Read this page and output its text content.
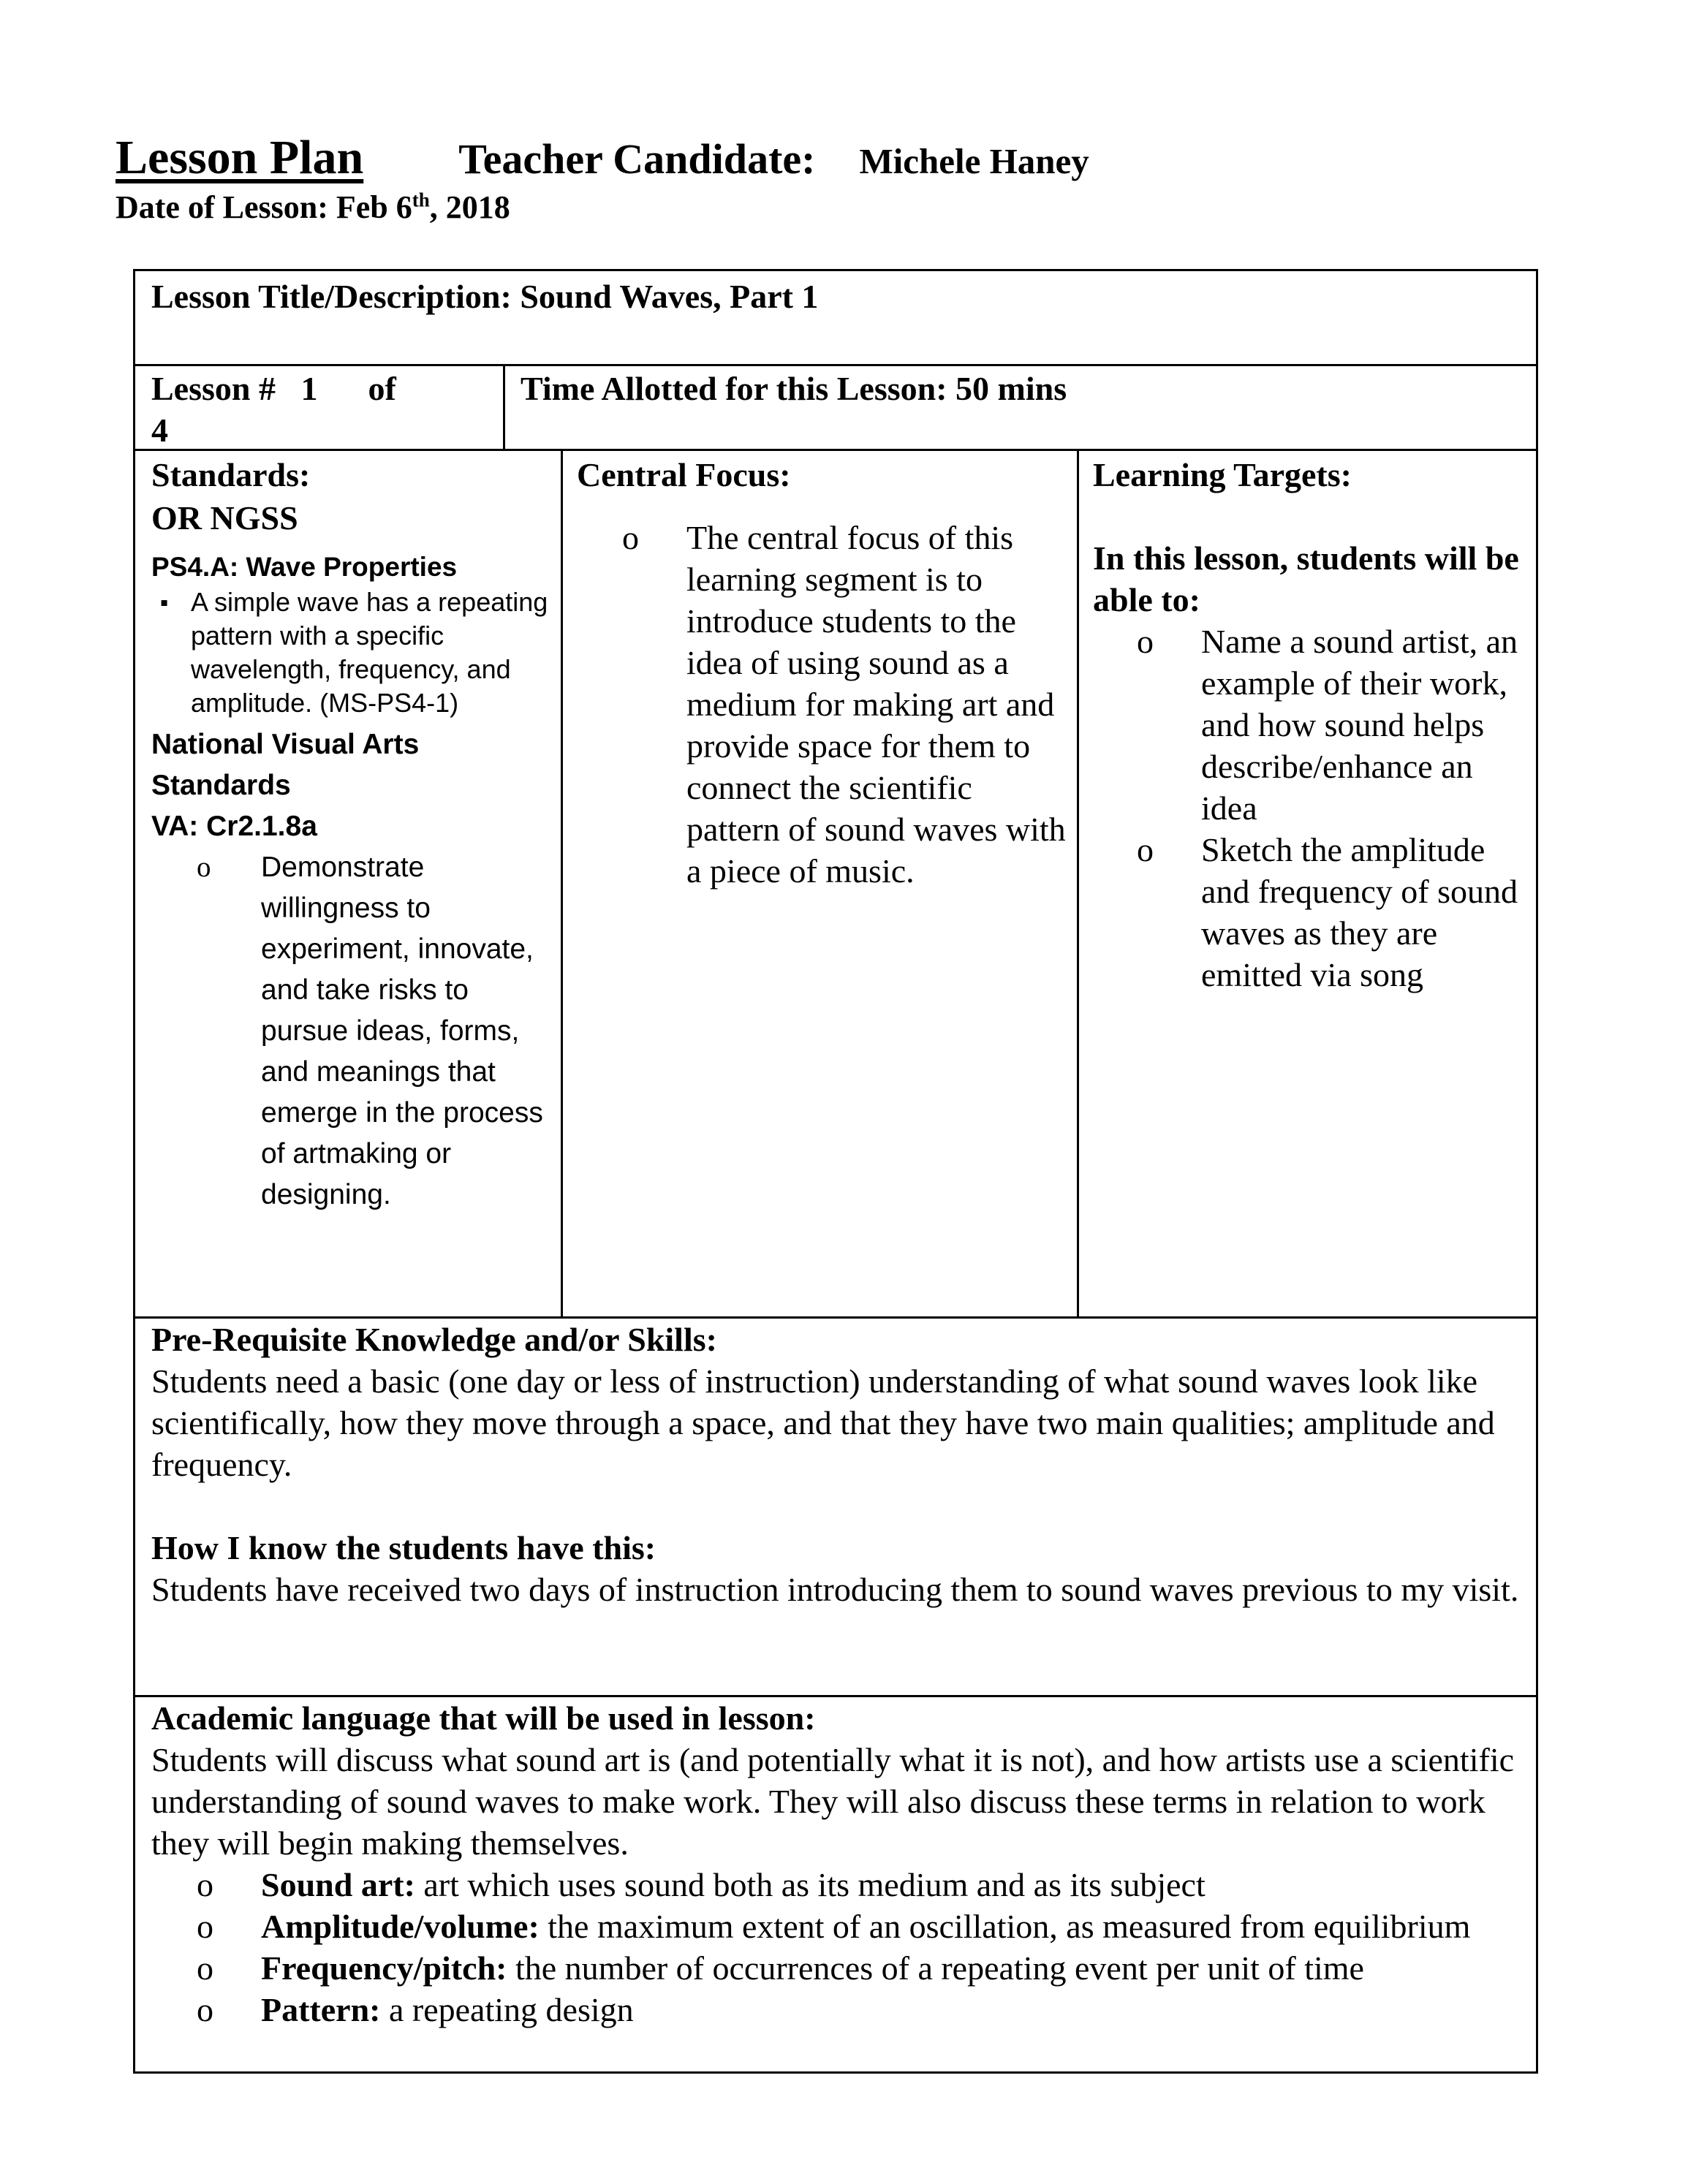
Lesson Plan Teacher Candidate: Michele Haney
Date of Lesson: Feb 6th, 2018
Lesson Title/Description: Sound Waves, Part 1
Lesson #   1      of
4
Time Allotted for this Lesson: 50 mins
Standards:
OR NGSS
PS4.A: Wave Properties
▪ A simple wave has a repeating pattern with a specific wavelength, frequency, and amplitude. (MS-PS4-1)
National Visual Arts Standards
VA: Cr2.1.8a
o Demonstrate willingness to experiment, innovate, and take risks to pursue ideas, forms, and meanings that emerge in the process of artmaking or designing.
Central Focus:
o The central focus of this learning segment is to introduce students to the idea of using sound as a medium for making art and provide space for them to connect the scientific pattern of sound waves with a piece of music.
Learning Targets:
In this lesson, students will be able to:
o Name a sound artist, an example of their work, and how sound helps describe/enhance an idea
o Sketch the amplitude and frequency of sound waves as they are emitted via song
Pre-Requisite Knowledge and/or Skills:
Students need a basic (one day or less of instruction) understanding of what sound waves look like scientifically, how they move through a space, and that they have two main qualities; amplitude and frequency.
How I know the students have this:
Students have received two days of instruction introducing them to sound waves previous to my visit.
Academic language that will be used in lesson:
Students will discuss what sound art is (and potentially what it is not), and how artists use a scientific understanding of sound waves to make work. They will also discuss these terms in relation to work they will begin making themselves.
o Sound art: art which uses sound both as its medium and as its subject
o Amplitude/volume: the maximum extent of an oscillation, as measured from equilibrium
o Frequency/pitch: the number of occurrences of a repeating event per unit of time
o Pattern: a repeating design
